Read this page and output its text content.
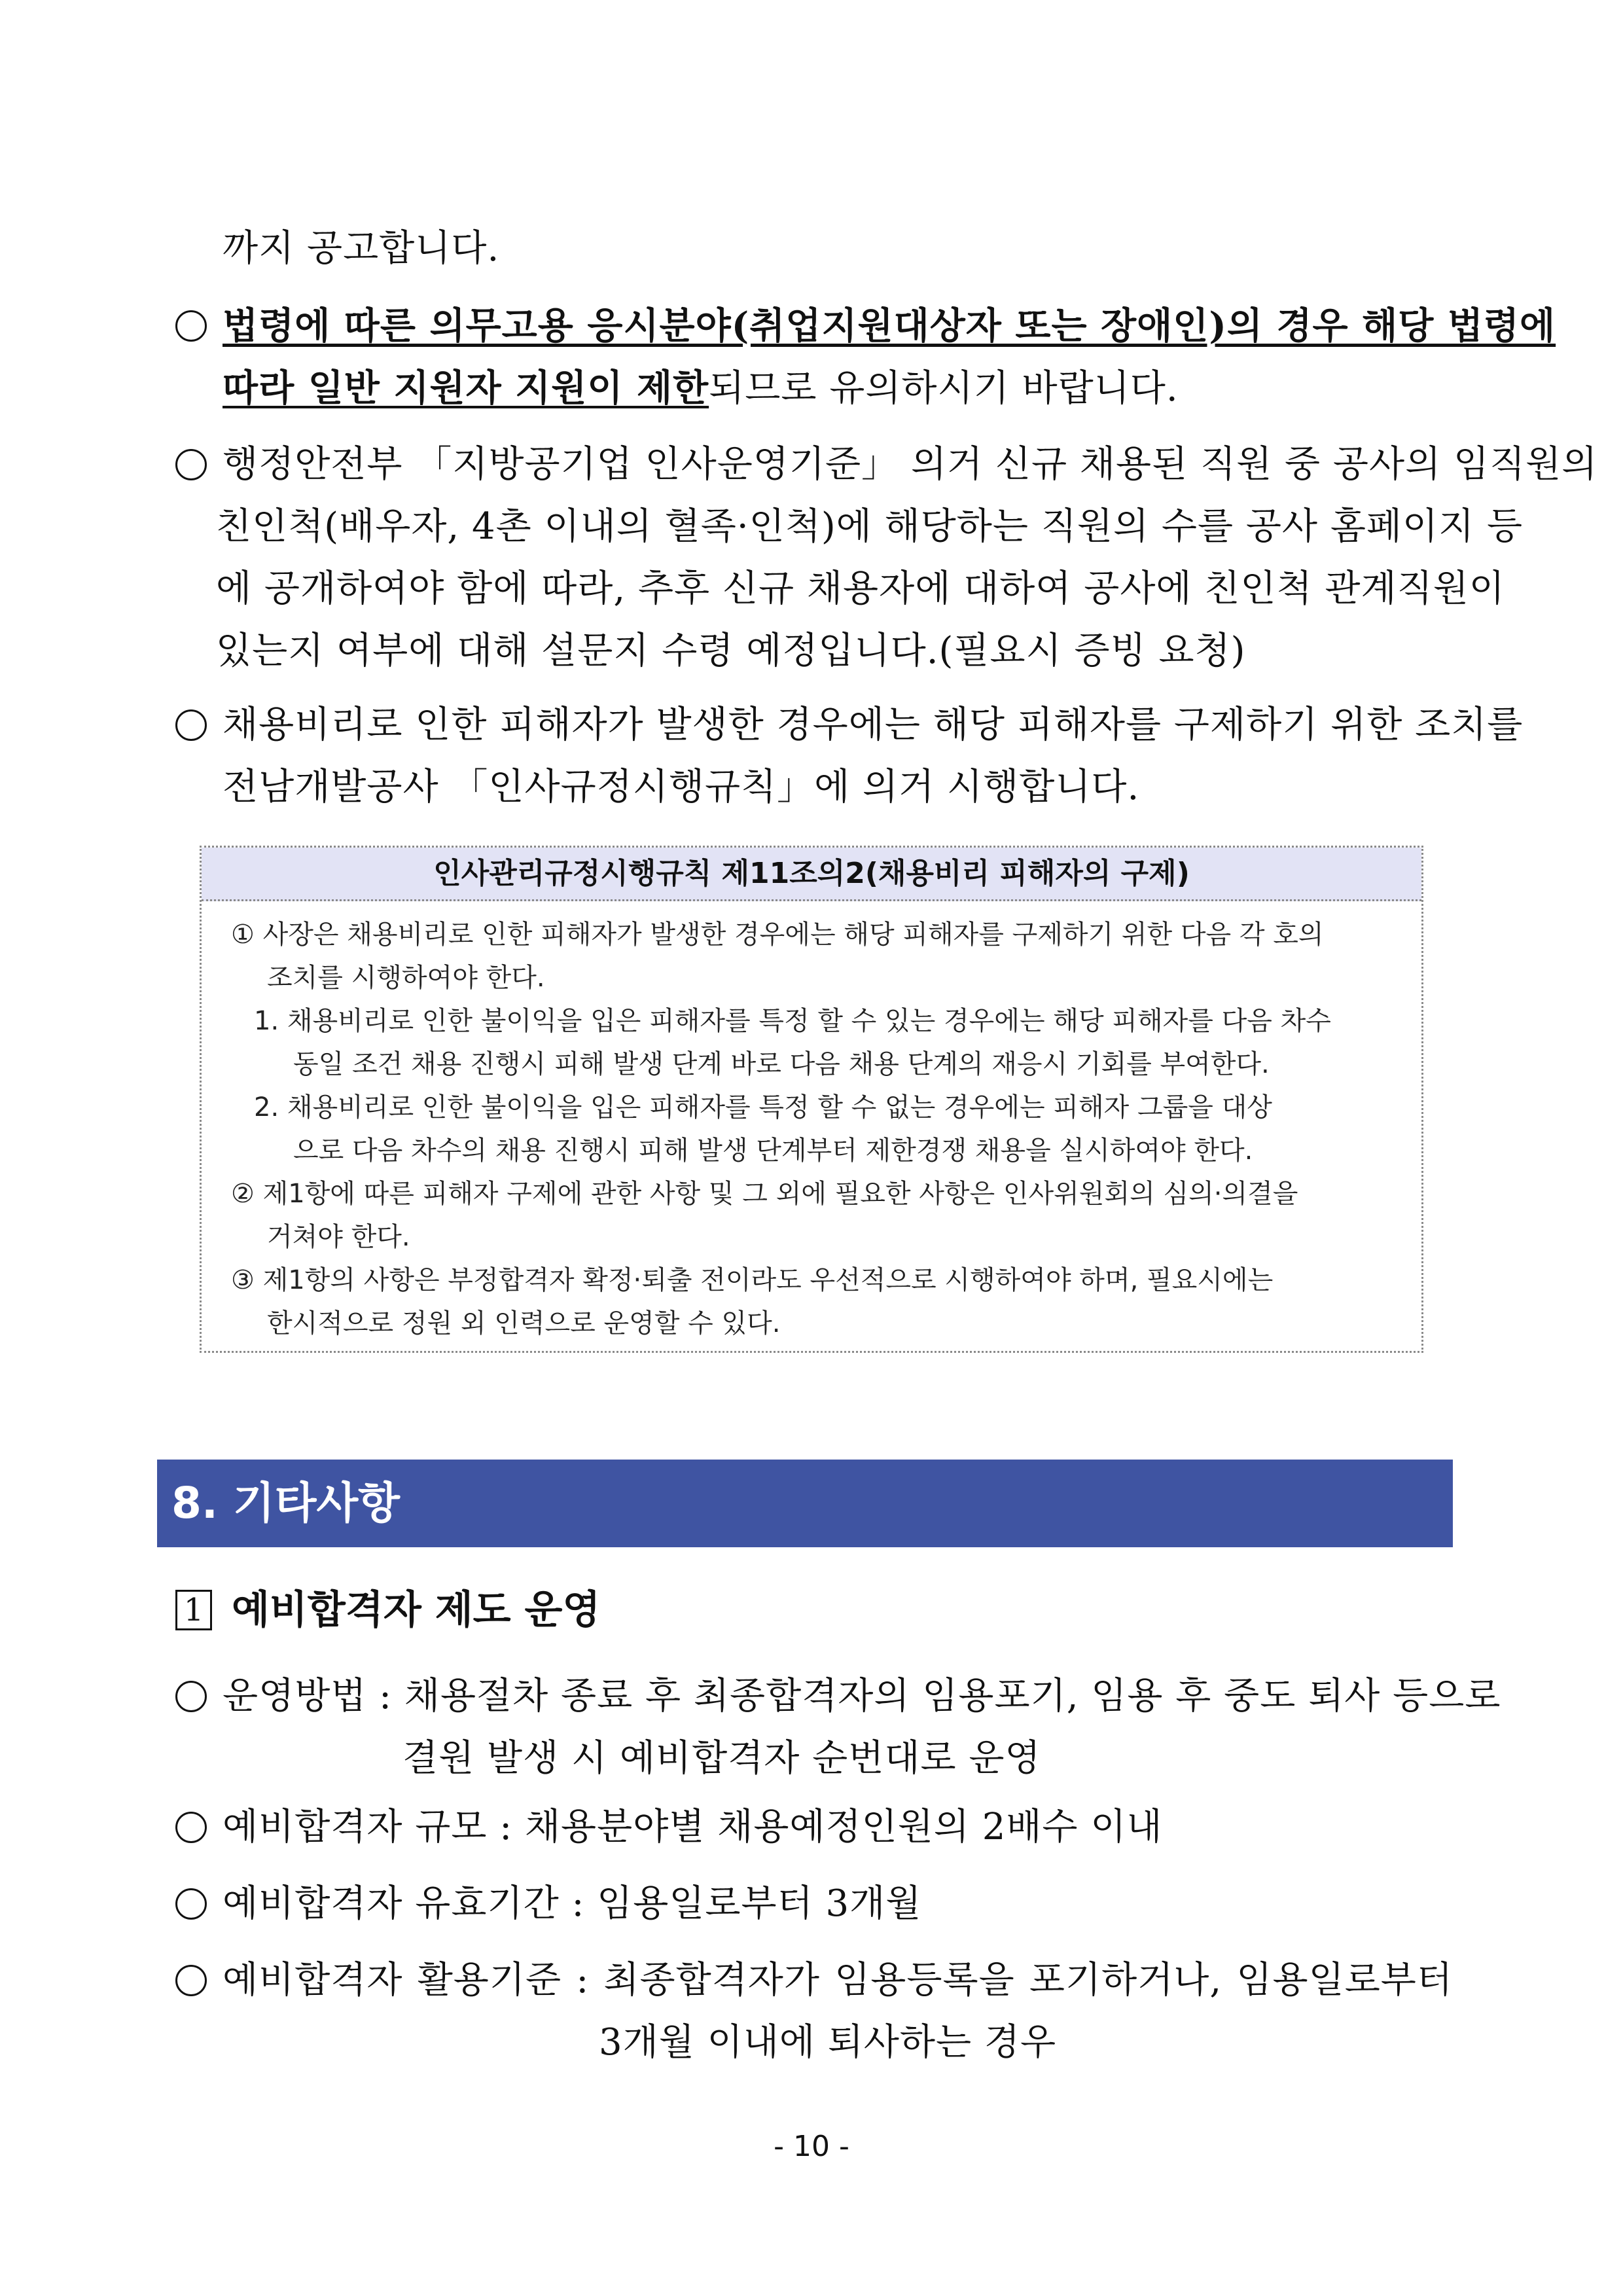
까지 공고합니다.
법령에 따른 의무고용 응시분야(취업지원대상자 또는 장애인)의 경우 해당 법령에
따라 일반 지원자 지원이 제한되므로 유의하시기 바랍니다.
행정안전부 「지방공기업 인사운영기준」 의거 신규 채용된 직원 중 공사의 임직원의
친인척(배우자, 4촌 이내의 혈족·인척)에 해당하는 직원의 수를 공사 홈페이지 등
에 공개하여야 함에 따라, 추후 신규 채용자에 대하여 공사에 친인척 관계직원이
있는지 여부에 대해 설문지 수령 예정입니다.(필요시 증빙 요청)
채용비리로 인한 피해자가 발생한 경우에는 해당 피해자를 구제하기 위한 조치를
전남개발공사 「인사규정시행규칙」에 의거 시행합니다.
인사관리규정시행규칙 제11조의2(채용비리 피해자의 구제)
① 사장은 채용비리로 인한 피해자가 발생한 경우에는 해당 피해자를 구제하기 위한 다음 각 호의
조치를 시행하여야 한다.
1. 채용비리로 인한 불이익을 입은 피해자를 특정 할 수 있는 경우에는 해당 피해자를 다음 차수
동일 조건 채용 진행시 피해 발생 단계 바로 다음 채용 단계의 재응시 기회를 부여한다.
2. 채용비리로 인한 불이익을 입은 피해자를 특정 할 수 없는 경우에는 피해자 그룹을 대상
으로 다음 차수의 채용 진행시 피해 발생 단계부터 제한경쟁 채용을 실시하여야 한다.
② 제1항에 따른 피해자 구제에 관한 사항 및 그 외에 필요한 사항은 인사위원회의 심의·의결을
거쳐야 한다.
③ 제1항의 사항은 부정합격자 확정·퇴출 전이라도 우선적으로 시행하여야 하며, 필요시에는
한시적으로 정원 외 인력으로 운영할 수 있다.
8. 기타사항
1 예비합격자 제도 운영
운영방법 : 채용절차 종료 후 최종합격자의 임용포기, 임용 후 중도 퇴사 등으로
결원 발생 시 예비합격자 순번대로 운영
예비합격자 규모 : 채용분야별 채용예정인원의 2배수 이내
예비합격자 유효기간 : 임용일로부터 3개월
예비합격자 활용기준 : 최종합격자가 임용등록을 포기하거나, 임용일로부터
3개월 이내에 퇴사하는 경우
- 10 -
